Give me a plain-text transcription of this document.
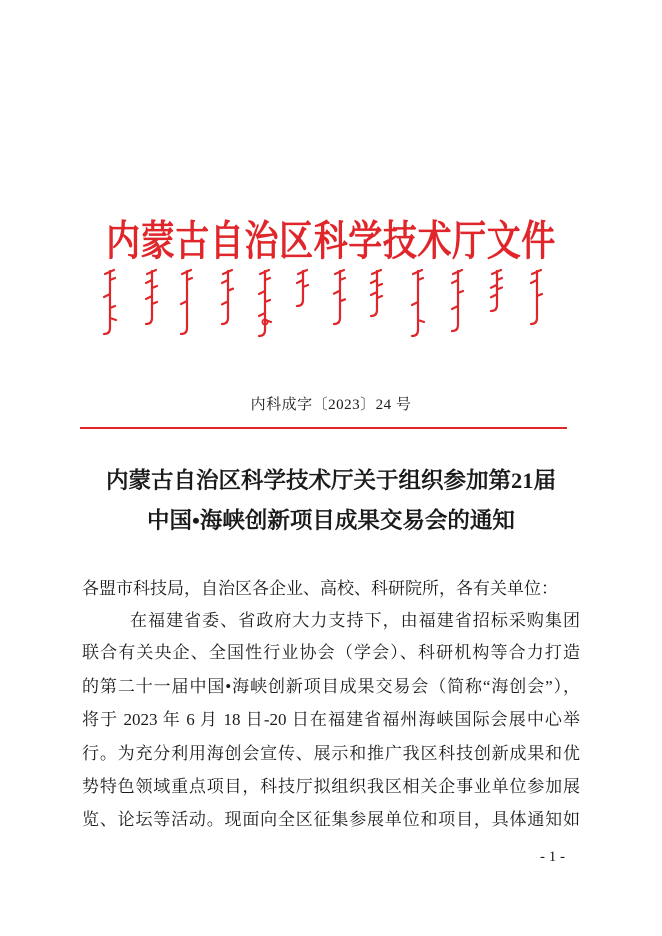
内蒙古自治区科学技术厅文件
内科成字〔2023〕24 号
内蒙古自治区科学技术厅关于组织参加第21届
中国•海峡创新项目成果交易会的通知
各盟市科技局，自治区各企业、高校、科研院所，各有关单位：
在福建省委、省政府大力支持下，由福建省招标采购集团
联合有关央企、全国性行业协会（学会）、科研机构等合力打造
的第二十一届中国•海峡创新项目成果交易会（简称“海创会”），
将于 2023 年 6 月 18 日-20 日在福建省福州海峡国际会展中心举
行。为充分利用海创会宣传、展示和推广我区科技创新成果和优
势特色领域重点项目，科技厅拟组织我区相关企事业单位参加展
览、论坛等活动。现面向全区征集参展单位和项目，具体通知如
- 1 -
